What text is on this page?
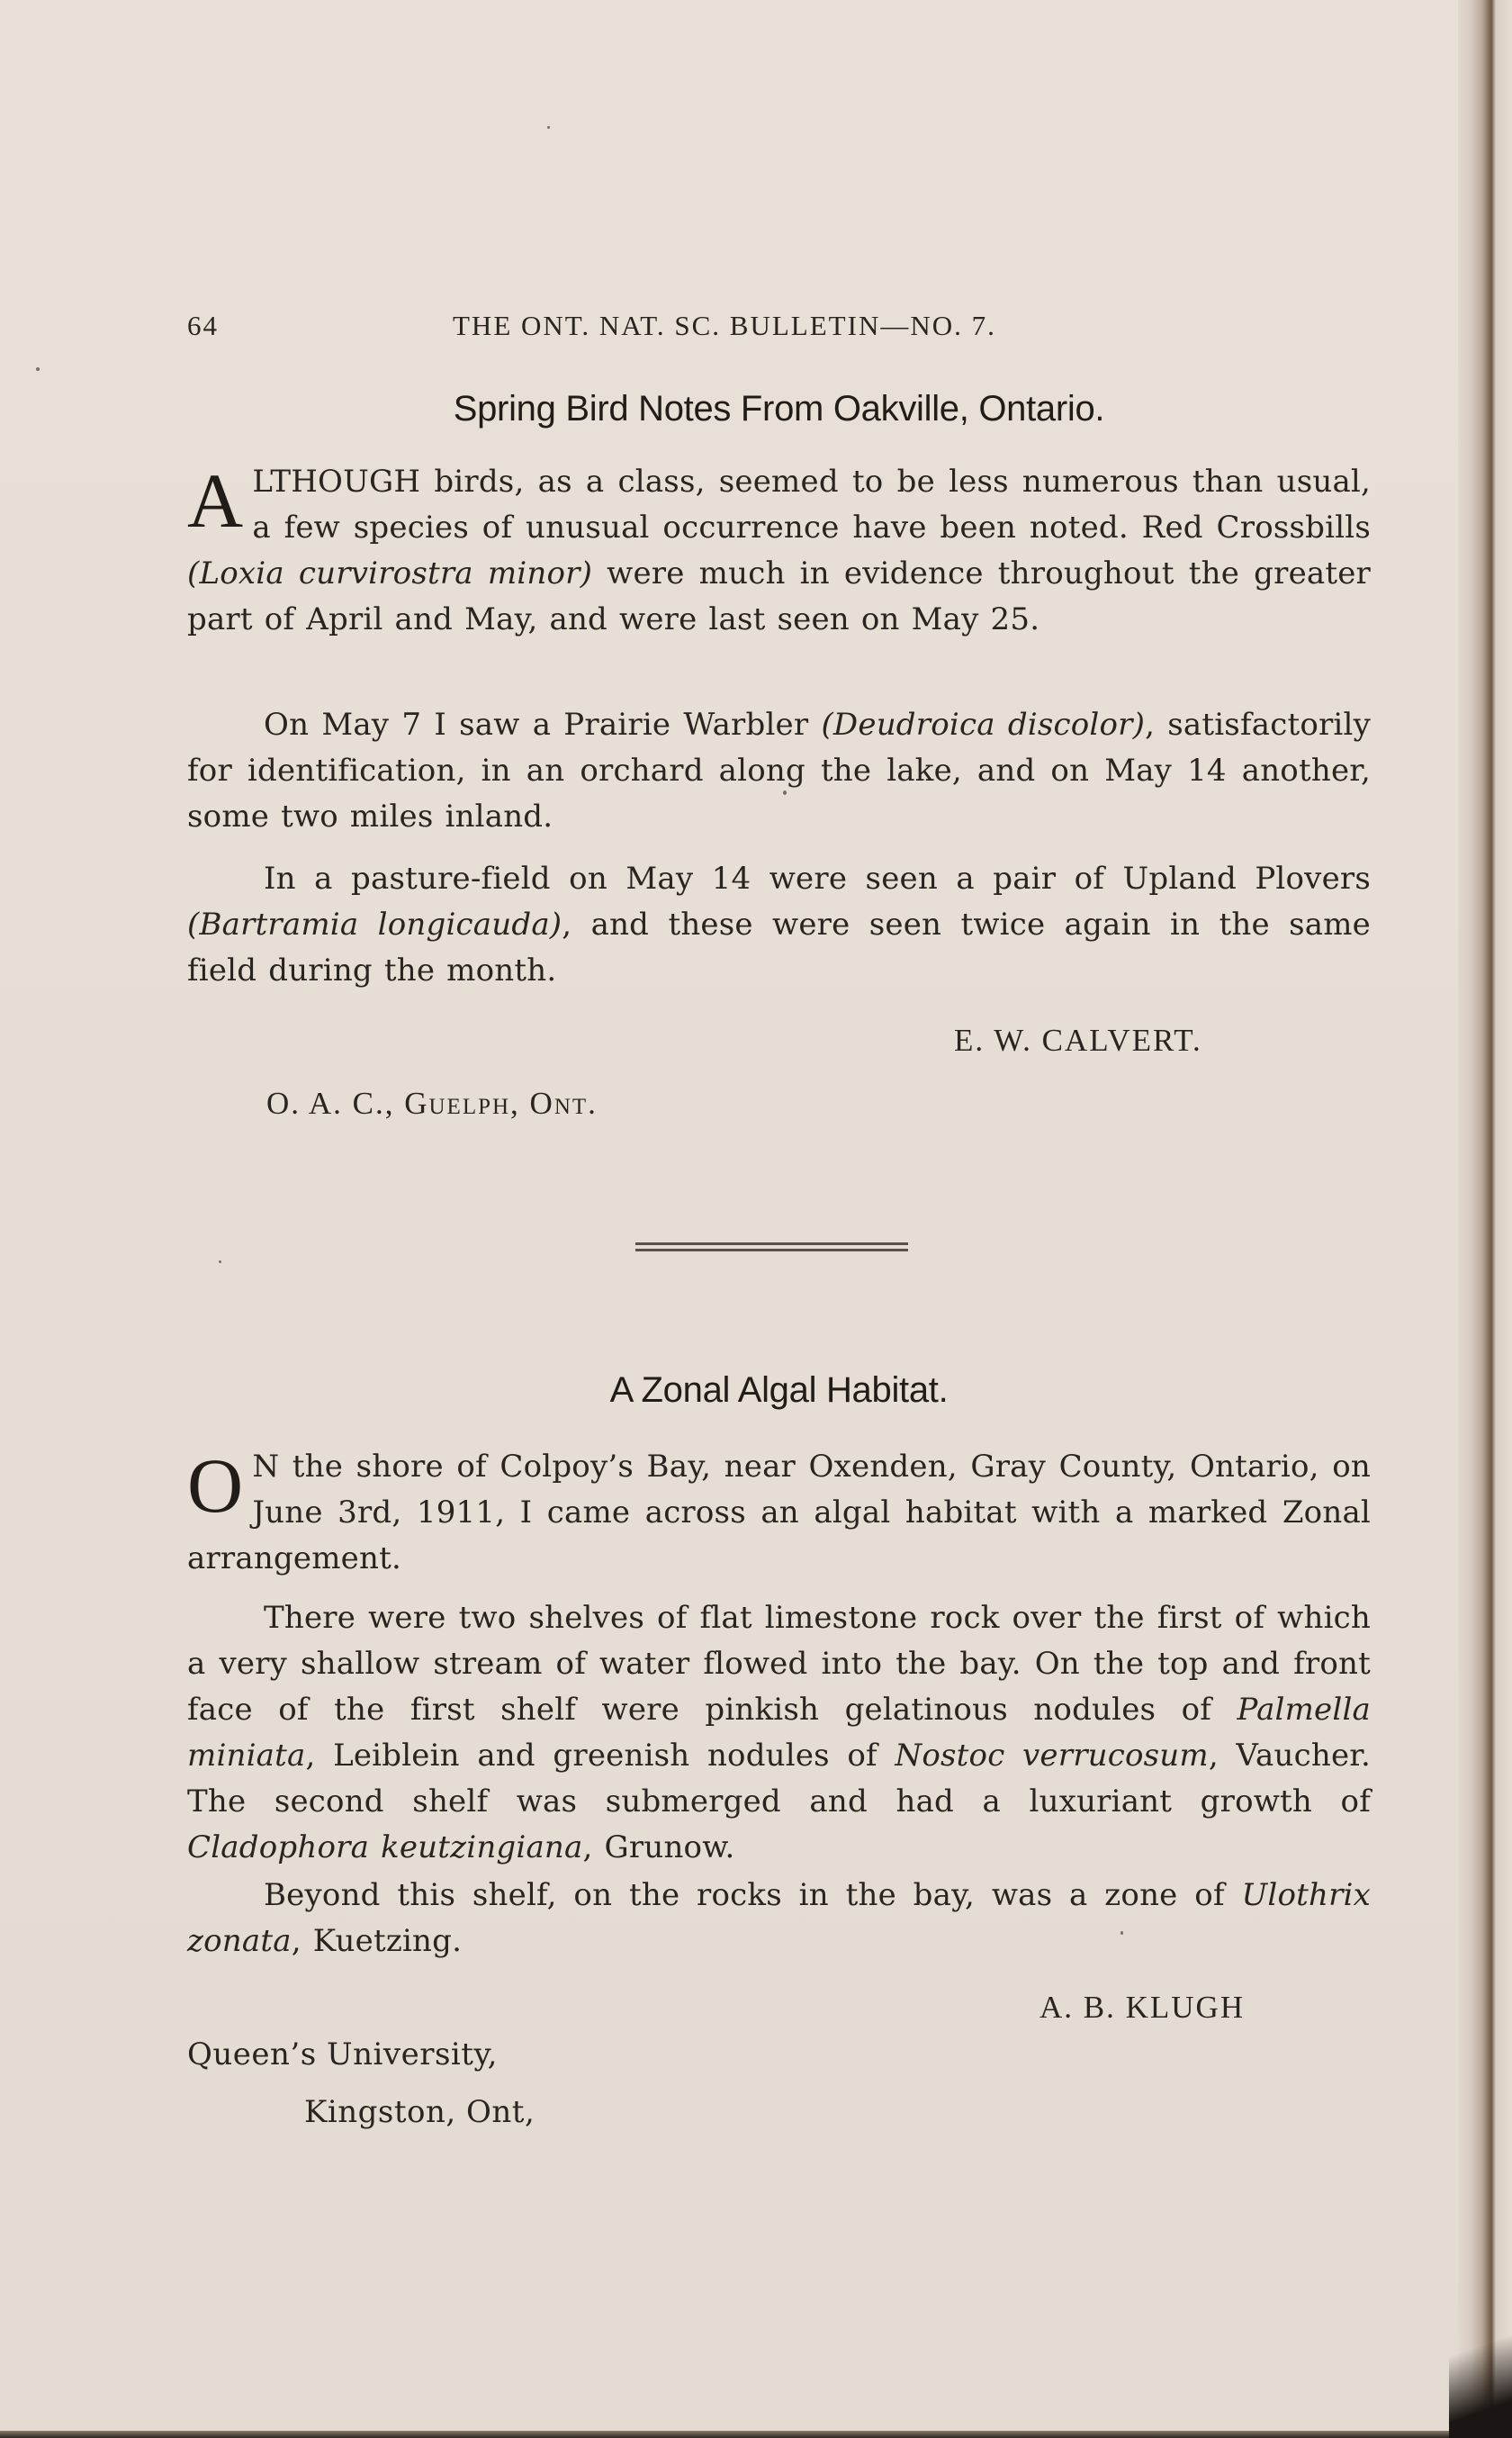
64	THE ONT. NAT. SC. BULLETIN—NO. 7.
Spring Bird Notes From Oakville, Ontario.
ALTHOUGH birds, as a class, seemed to be less numerous than usual, a few species of unusual occurrence have been noted. Red Crossbills (Loxia curvirostra minor) were much in evidence throughout the greater part of April and May, and were last seen on May 25.
On May 7 I saw a Prairie Warbler (Deudroica discolor), satisfactorily for identification, in an orchard along the lake, and on May 14 another, some two miles inland.
In a pasture-field on May 14 were seen a pair of Upland Plovers (Bartramia longicauda), and these were seen twice again in the same field during the month.
E. W. CALVERT.
O. A. C., Guelph, Ont.
A Zonal Algal Habitat.
O N the shore of Colpoy’s Bay, near Oxenden, Gray County, Ontario, on June 3rd, 1911, I came across an algal habitat with a marked Zonal arrangement.
There were two shelves of flat limestone rock over the first of which a very shallow stream of water flowed into the bay. On the top and front face of the first shelf were pinkish gelatinous nodules of Palmella miniata, Leiblein and greenish nodules of Nostoc verrucosum, Vaucher. The second shelf was submerged and had a luxuriant growth of Cladophora keutzingiana, Grunow.
Beyond this shelf, on the rocks in the bay, was a zone of Ulothrix zonata, Kuetzing.
A. B. KLUGH
Queen’s University,
Kingston, Ont,
